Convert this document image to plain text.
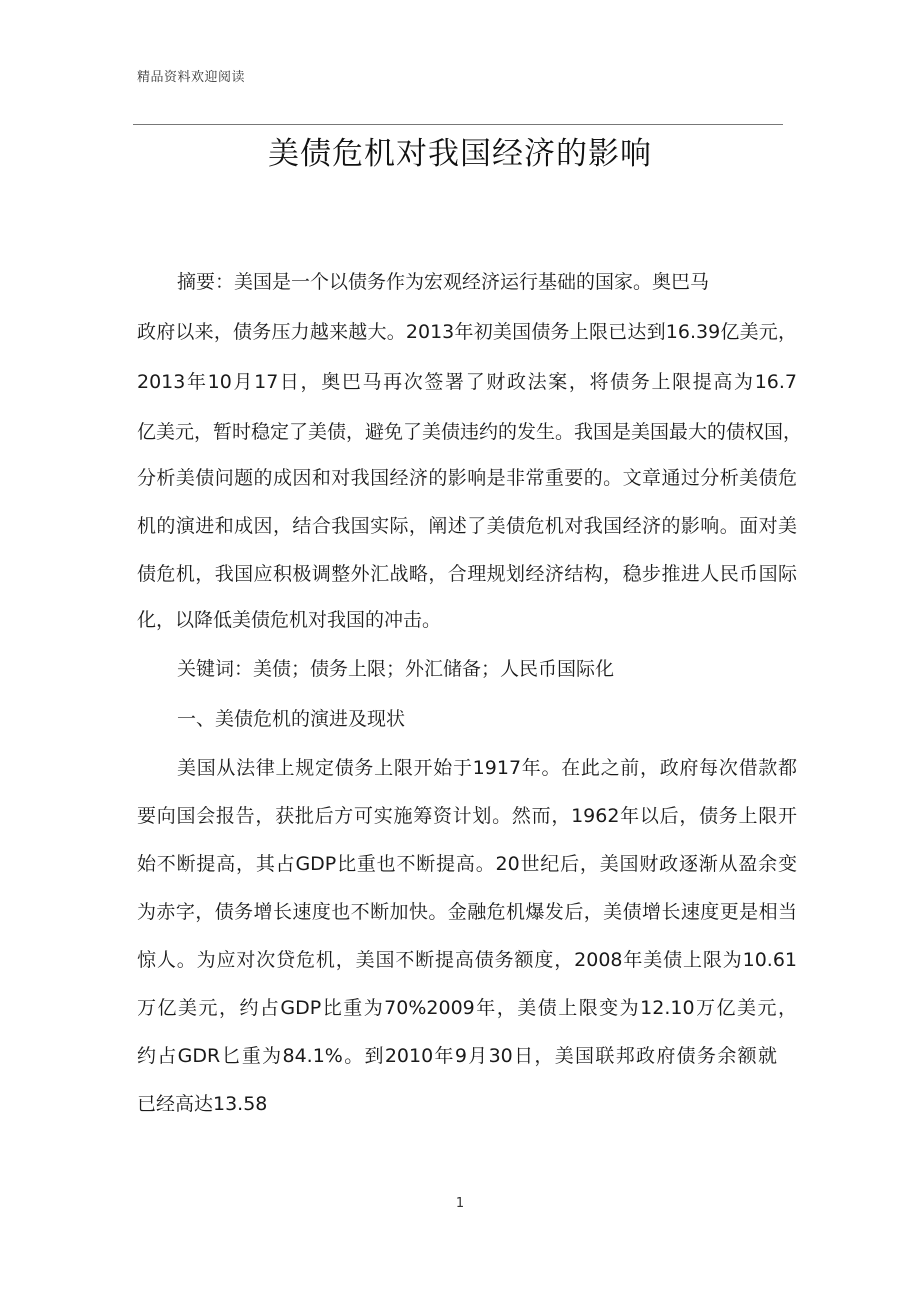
精品资料欢迎阅读
美债危机对我国经济的影响
摘要：美国是一个以债务作为宏观经济运行基础的国家。奥巴马
政府以来，债务压力越来越大。2013年初美国债务上限已达到16.39亿美元，
2013年10月17日，奥巴马再次签署了财政法案，将债务上限提高为16.7
亿美元，暂时稳定了美债，避免了美债违约的发生。我国是美国最大的债权国，
分析美债问题的成因和对我国经济的影响是非常重要的。文章通过分析美债危
机的演进和成因，结合我国实际，阐述了美债危机对我国经济的影响。面对美
债危机，我国应积极调整外汇战略，合理规划经济结构，稳步推进人民币国际
化，以降低美债危机对我国的冲击。
关键词：美债；债务上限；外汇储备；人民币国际化
一、美债危机的演进及现状
美国从法律上规定债务上限开始于1917年。在此之前，政府每次借款都
要向国会报告，获批后方可实施筹资计划。然而，1962年以后，债务上限开
始不断提高，其占GDP比重也不断提高。20世纪后，美国财政逐渐从盈余变
为赤字，债务增长速度也不断加快。金融危机爆发后，美债增长速度更是相当
惊人。为应对次贷危机，美国不断提高债务额度，2008年美债上限为10.61
万亿美元，约占GDP比重为70%2009年，美债上限变为12.10万亿美元，
约占GDR匕重为84.1%。到2010年9月30日，美国联邦政府债务余额就
已经高达13.58
1
